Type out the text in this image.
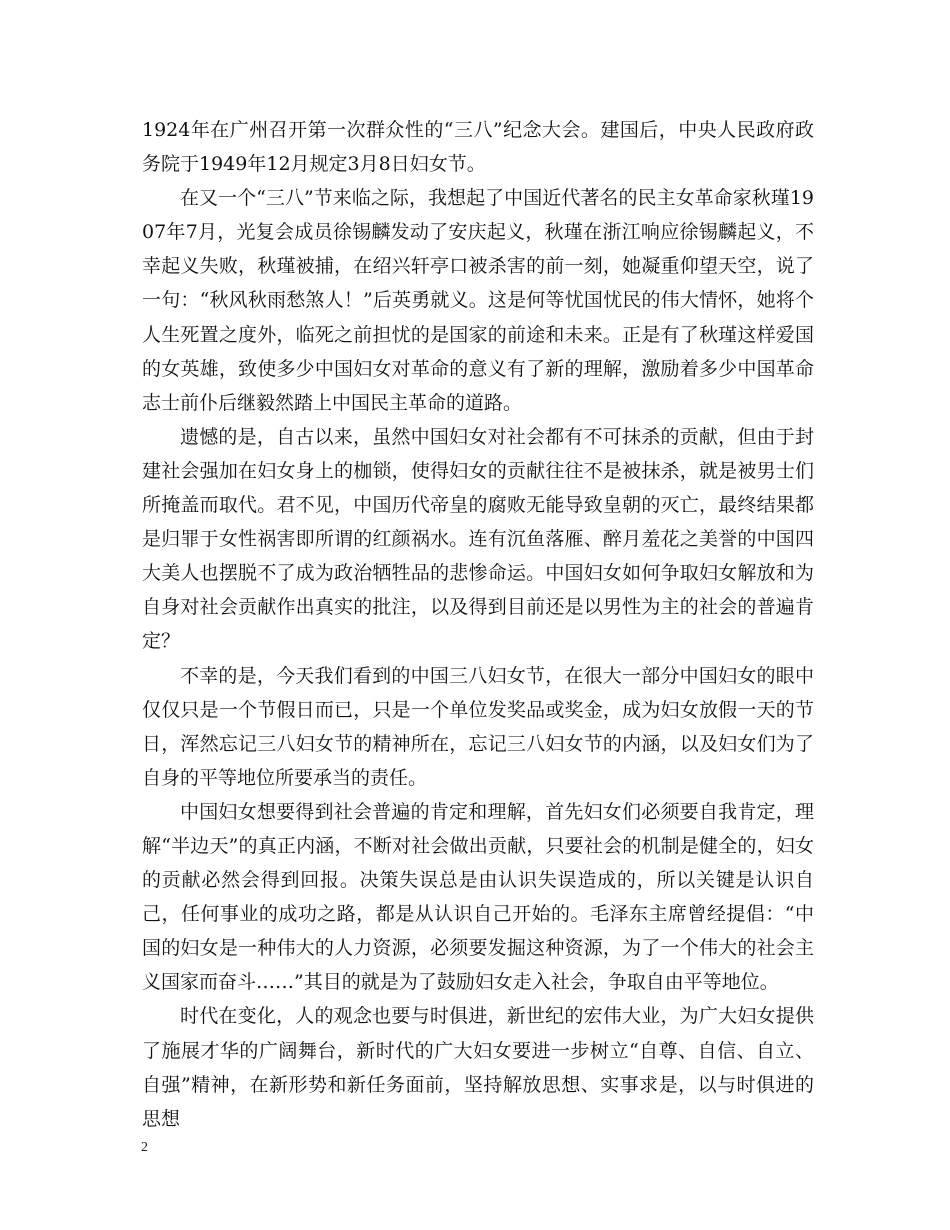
1924年在广州召开第一次群众性的“三八”纪念大会。建国后，中央人民政府政务院于1949年12月规定3月8日妇女节。

在又一个“三八”节来临之际，我想起了中国近代著名的民主女革命家秋瑾1907年7月，光复会成员徐锡麟发动了安庆起义，秋瑾在浙江响应徐锡麟起义，不幸起义失败，秋瑾被捕，在绍兴轩亭口被杀害的前一刻，她凝重仰望天空，说了一句：“秋风秋雨愁煞人！”后英勇就义。这是何等忧国忧民的伟大情怀，她将个人生死置之度外，临死之前担忧的是国家的前途和未来。正是有了秋瑾这样爱国的女英雄，致使多少中国妇女对革命的意义有了新的理解，激励着多少中国革命志士前仆后继毅然踏上中国民主革命的道路。

遗憾的是，自古以来，虽然中国妇女对社会都有不可抹杀的贡献，但由于封建社会强加在妇女身上的枷锁，使得妇女的贡献往往不是被抹杀，就是被男士们所掩盖而取代。君不见，中国历代帝皇的腐败无能导致皇朝的灭亡，最终结果都是归罪于女性祸害即所谓的红颜祸水。连有沉鱼落雁、醉月羞花之美誉的中国四大美人也摆脱不了成为政治牺牲品的悲惨命运。中国妇女如何争取妇女解放和为自身对社会贡献作出真实的批注，以及得到目前还是以男性为主的社会的普遍肯定？

不幸的是，今天我们看到的中国三八妇女节，在很大一部分中国妇女的眼中仅仅只是一个节假日而已，只是一个单位发奖品或奖金，成为妇女放假一天的节日，浑然忘记三八妇女节的精神所在，忘记三八妇女节的内涵，以及妇女们为了自身的平等地位所要承当的责任。

中国妇女想要得到社会普遍的肯定和理解，首先妇女们必须要自我肯定，理解“半边天”的真正内涵，不断对社会做出贡献，只要社会的机制是健全的，妇女的贡献必然会得到回报。决策失误总是由认识失误造成的，所以关键是认识自己，任何事业的成功之路，都是从认识自己开始的。毛泽东主席曾经提倡：“中国的妇女是一种伟大的人力资源，必须要发掘这种资源，为了一个伟大的社会主义国家而奋斗……”其目的就是为了鼓励妇女走入社会，争取自由平等地位。

时代在变化，人的观念也要与时俱进，新世纪的宏伟大业，为广大妇女提供了施展才华的广阔舞台，新时代的广大妇女要进一步树立“自尊、自信、自立、自强”精神，在新形势和新任务面前，坚持解放思想、实事求是，以与时俱进的思想

2
